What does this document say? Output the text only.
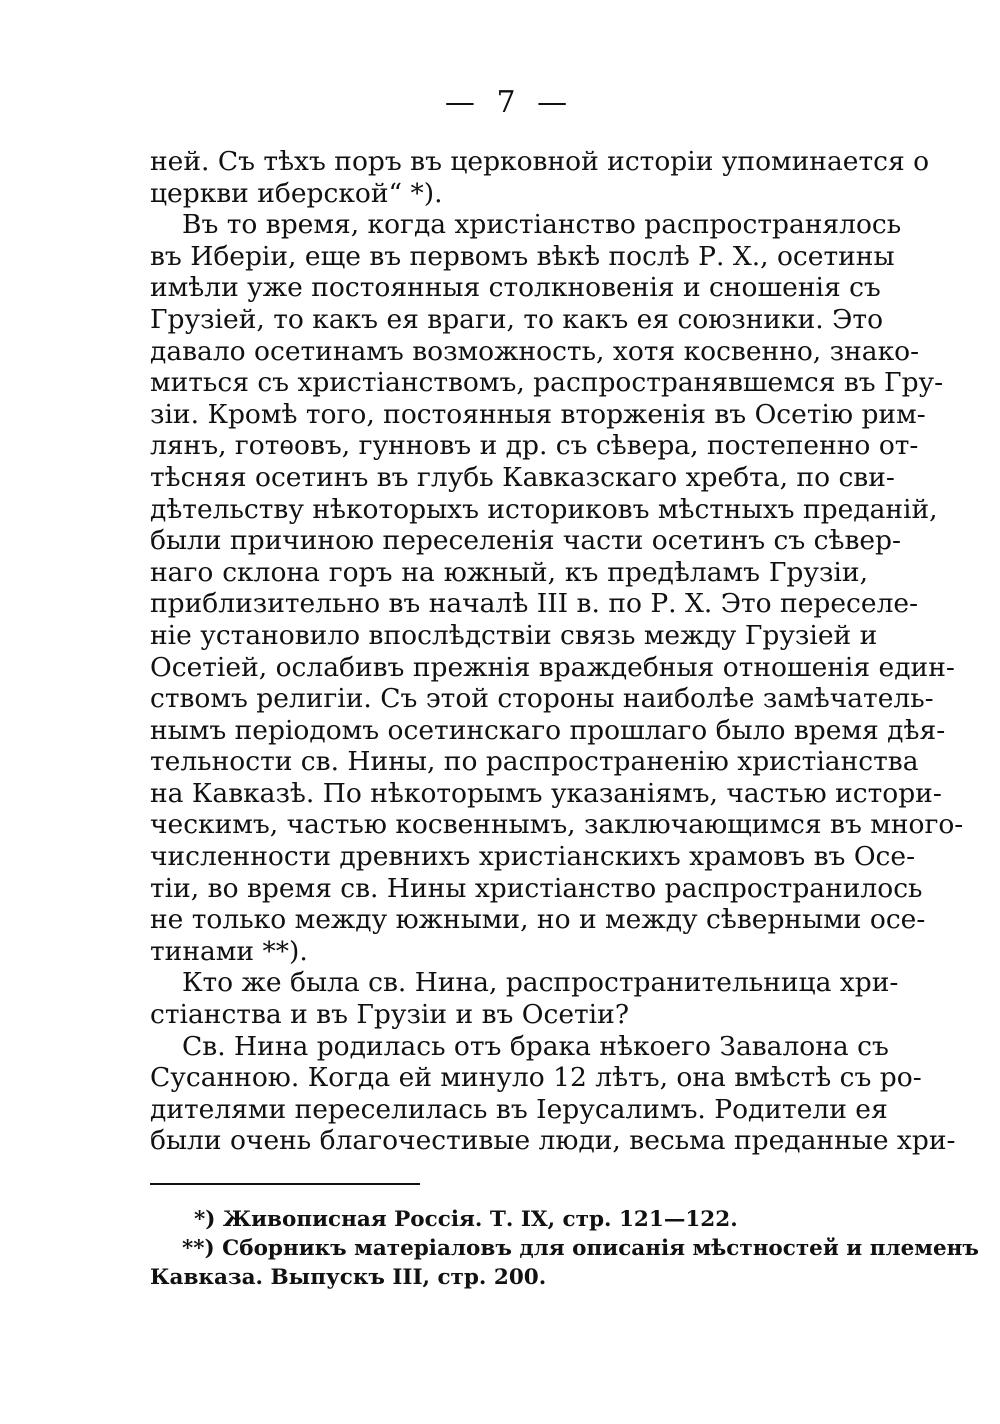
— 7 —
ней. Съ тѣхъ поръ въ церковной исторіи упоминается о
церкви иберской“ *).
Въ то время, когда христіанство распространялось
въ Иберіи, еще въ первомъ вѣкѣ послѣ Р. X., осетины
имѣли уже постоянныя столкновенія и сношенія съ
Грузіей, то какъ ея враги, то какъ ея союзники. Это
давало осетинамъ возможность, хотя косвенно, знако-
миться съ христіанствомъ, распространявшемся въ Гру-
зіи. Кромѣ того, постоянныя вторженія въ Осетію рим-
лянъ, готѳовъ, гунновъ и др. съ сѣвера, постепенно от-
тѣсняя осетинъ въ глубь Кавказскаго хребта, по сви-
дѣтельству нѣкоторыхъ историковъ мѣстныхъ преданій,
были причиною переселенія части осетинъ съ сѣвер-
наго склона горъ на южный, къ предѣламъ Грузіи,
приблизительно въ началѣ III в. по Р. X. Это переселе-
ніе установило впослѣдствіи связь между Грузіей и
Осетіей, ослабивъ прежнія враждебныя отношенія един-
ствомъ религіи. Съ этой стороны наиболѣе замѣчатель-
нымъ періодомъ осетинскаго прошлаго было время дѣя-
тельности св. Нины, по распространенію христіанства
на Кавказѣ. По нѣкоторымъ указаніямъ, частью истори-
ческимъ, частью косвеннымъ, заключающимся въ много-
численности древнихъ христіанскихъ храмовъ въ Осе-
тіи, во время св. Нины христіанство распространилось
не только между южными, но и между сѣверными осе-
тинами **).
Кто же была св. Нина, распространительница хри-
стіанства и въ Грузіи и въ Осетіи?
Св. Нина родилась отъ брака нѣкоего Завалона съ
Сусанною. Когда ей минуло 12 лѣтъ, она вмѣстѣ съ ро-
дителями переселилась въ Іерусалимъ. Родители ея
были очень благочестивые люди, весьма преданные хри-
*) Живописная Россія. Т. IX, стр. 121—122.
**) Сборникъ матеріаловъ для описанія мѣстностей и племенъ
Кавказа. Выпускъ III, стр. 200.
